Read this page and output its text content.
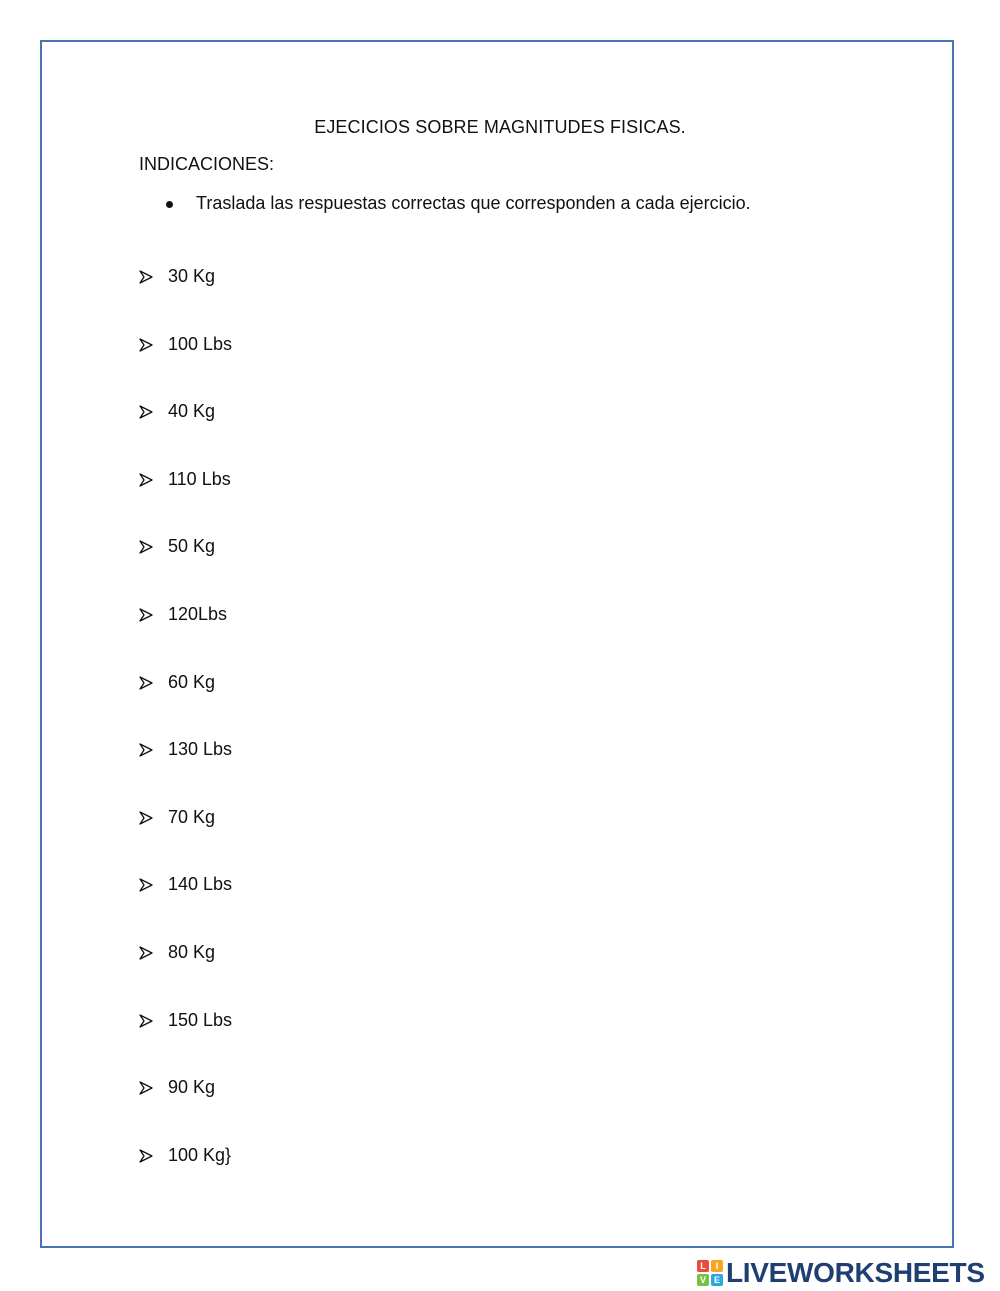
EJECICIOS SOBRE MAGNITUDES FISICAS.
INDICACIONES:
Traslada las respuestas correctas que corresponden a cada ejercicio.
30 Kg
100 Lbs
40 Kg
110 Lbs
50 Kg
120Lbs
60 Kg
130 Lbs
70 Kg
140 Lbs
80 Kg
150 Lbs
90 Kg
100 Kg}
L	I
V E LIVEWORKSHEETS
